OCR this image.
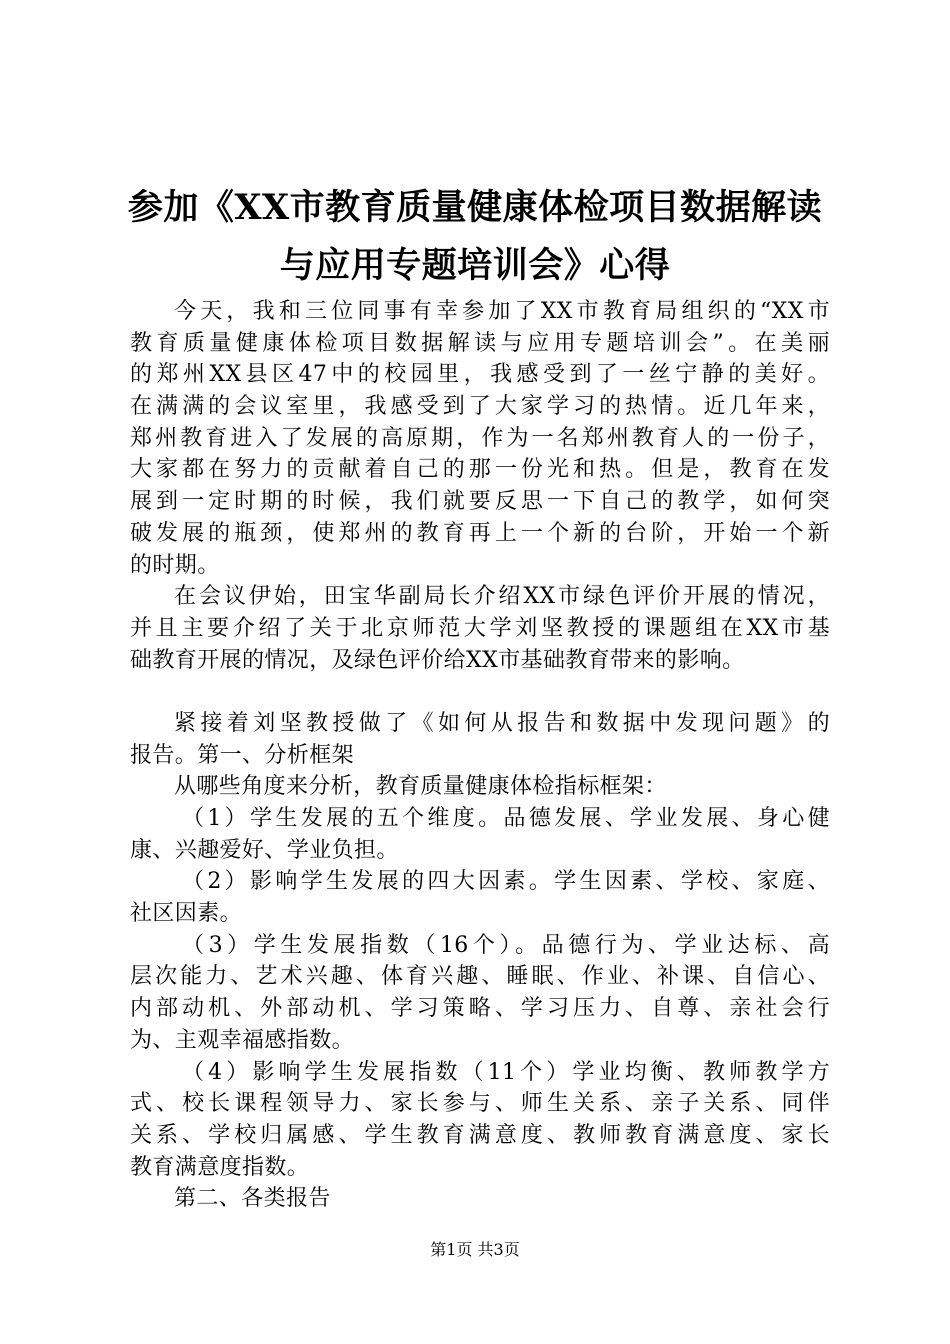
参加《XX市教育质量健康体检项目数据解读
与应用专题培训会》心得
今天，我和三位同事有幸参加了XX市教育局组织的“XX市
教育质量健康体检项目数据解读与应用专题培训会”。在美丽
的郑州XX县区47中的校园里，我感受到了一丝宁静的美好。
在满满的会议室里，我感受到了大家学习的热情。近几年来，
郑州教育进入了发展的高原期，作为一名郑州教育人的一份子，
大家都在努力的贡献着自己的那一份光和热。但是，教育在发
展到一定时期的时候，我们就要反思一下自己的教学，如何突
破发展的瓶颈，使郑州的教育再上一个新的台阶，开始一个新
的时期。
在会议伊始，田宝华副局长介绍XX市绿色评价开展的情况，
并且主要介绍了关于北京师范大学刘坚教授的课题组在XX市基
础教育开展的情况，及绿色评价给XX市基础教育带来的影响。
紧接着刘坚教授做了《如何从报告和数据中发现问题》的
报告。第一、分析框架
从哪些角度来分析，教育质量健康体检指标框架：
（1）学生发展的五个维度。品德发展、学业发展、身心健
康、兴趣爱好、学业负担。
（2）影响学生发展的四大因素。学生因素、学校、家庭、
社区因素。
（3）学生发展指数（16个）。品德行为、学业达标、高
层次能力、艺术兴趣、体育兴趣、睡眠、作业、补课、自信心、
内部动机、外部动机、学习策略、学习压力、自尊、亲社会行
为、主观幸福感指数。
（4）影响学生发展指数（11个）学业均衡、教师教学方
式、校长课程领导力、家长参与、师生关系、亲子关系、同伴
关系、学校归属感、学生教育满意度、教师教育满意度、家长
教育满意度指数。
第二、各类报告
第1页 共3页
